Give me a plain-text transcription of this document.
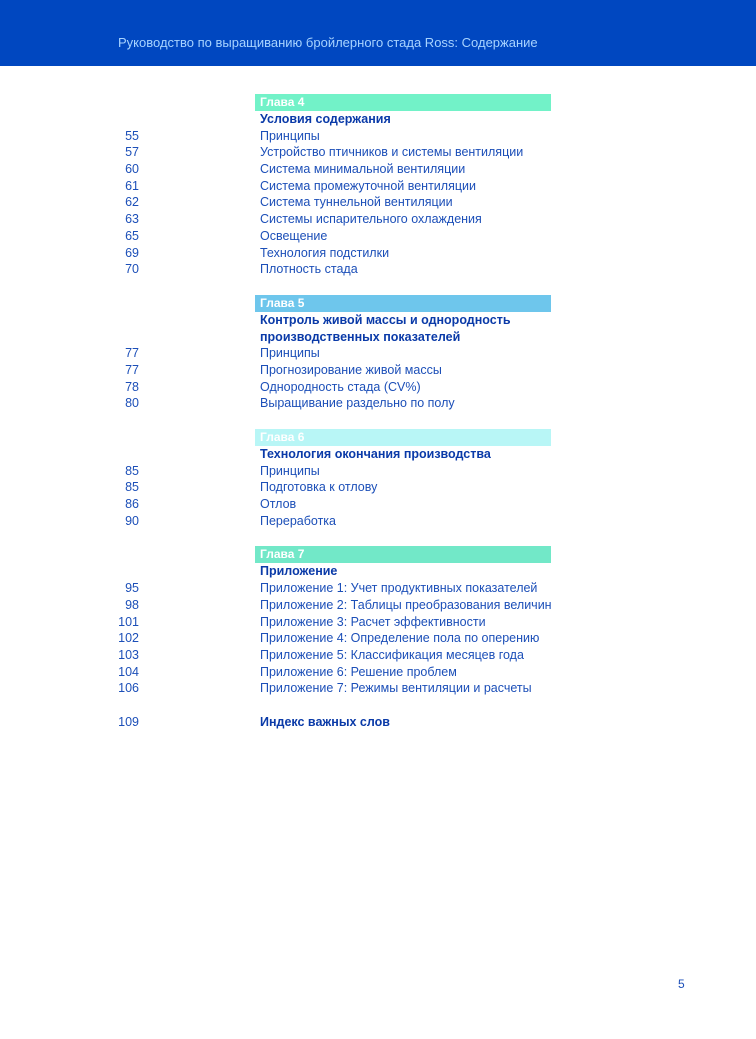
Руководство по выращиванию бройлерного стада Ross: Содержание
Глава 4
Условия содержания
55	Принципы
57	Устройство птичников и системы вентиляции
60	Система минимальной вентиляции
61	Система промежуточной вентиляции
62	Система туннельной вентиляции
63	Системы испарительного охлаждения
65	Освещение
69	Технология подстилки
70	Плотность стада
Глава 5
Контроль живой массы и однородность
производственных показателей
77	Принципы
77	Прогнозирование живой массы
78	Однородность стада (CV%)
80	Выращивание раздельно по полу
Глава 6
Технология окончания производства
85	Принципы
85	Подготовка к отлову
86	Отлов
90	Переработка
Глава 7
Приложение
95	Приложение 1: Учет продуктивных показателей
98	Приложение 2: Таблицы преобразования величин
101	Приложение 3: Расчет эффективности
102	Приложение 4: Определение пола по оперению
103	Приложение 5: Классификация месяцев года
104	Приложение 6: Решение проблем
106	Приложение 7: Режимы вентиляции и расчеты
109	Индекс важных слов
5
